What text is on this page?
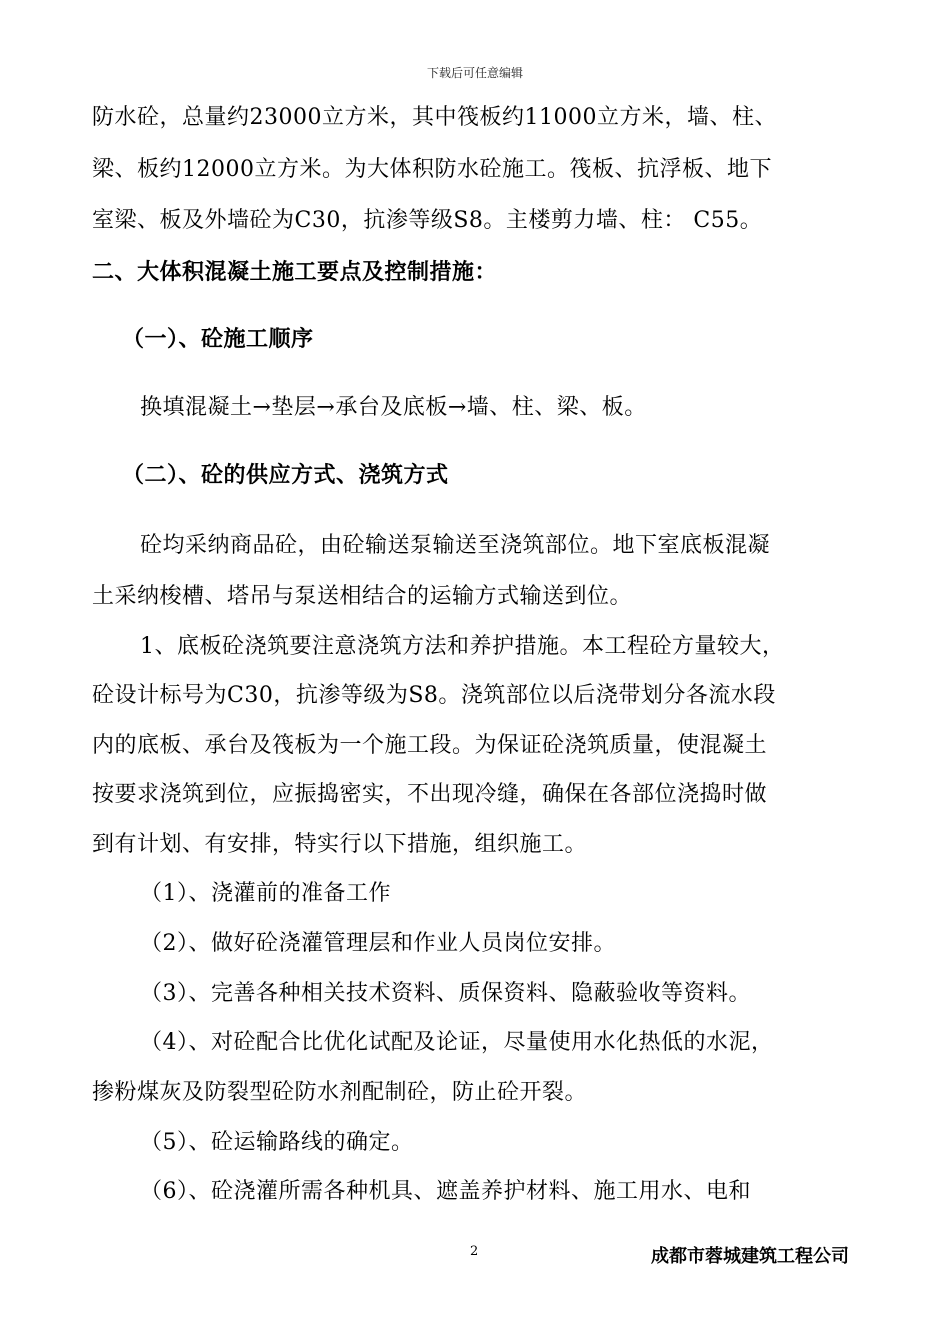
下载后可任意编辑
防水砼，总量约23000立方米，其中筏板约11000立方米，墙、柱、
梁、板约12000立方米。为大体积防水砼施工。筏板、抗浮板、地下
室梁、板及外墙砼为C30，抗渗等级S8。主楼剪力墙、柱： C55。
二、大体积混凝土施工要点及控制措施：
（一）、砼施工顺序
换填混凝土→垫层→承台及底板→墙、柱、梁、板。
（二）、砼的供应方式、浇筑方式
砼均采纳商品砼，由砼输送泵输送至浇筑部位。地下室底板混凝
土采纳梭槽、塔吊与泵送相结合的运输方式输送到位。
1、底板砼浇筑要注意浇筑方法和养护措施。本工程砼方量较大，
砼设计标号为C30，抗渗等级为S8。浇筑部位以后浇带划分各流水段
内的底板、承台及筏板为一个施工段。为保证砼浇筑质量，使混凝土
按要求浇筑到位，应振捣密实，不出现冷缝，确保在各部位浇捣时做
到有计划、有安排，特实行以下措施，组织施工。
（1）、浇灌前的准备工作
（2）、做好砼浇灌管理层和作业人员岗位安排。
（3）、完善各种相关技术资料、质保资料、隐蔽验收等资料。
（4）、对砼配合比优化试配及论证，尽量使用水化热低的水泥，
掺粉煤灰及防裂型砼防水剂配制砼，防止砼开裂。
（5）、砼运输路线的确定。
（6）、砼浇灌所需各种机具、遮盖养护材料、施工用水、电和
2	成都市蓉城建筑工程公司
